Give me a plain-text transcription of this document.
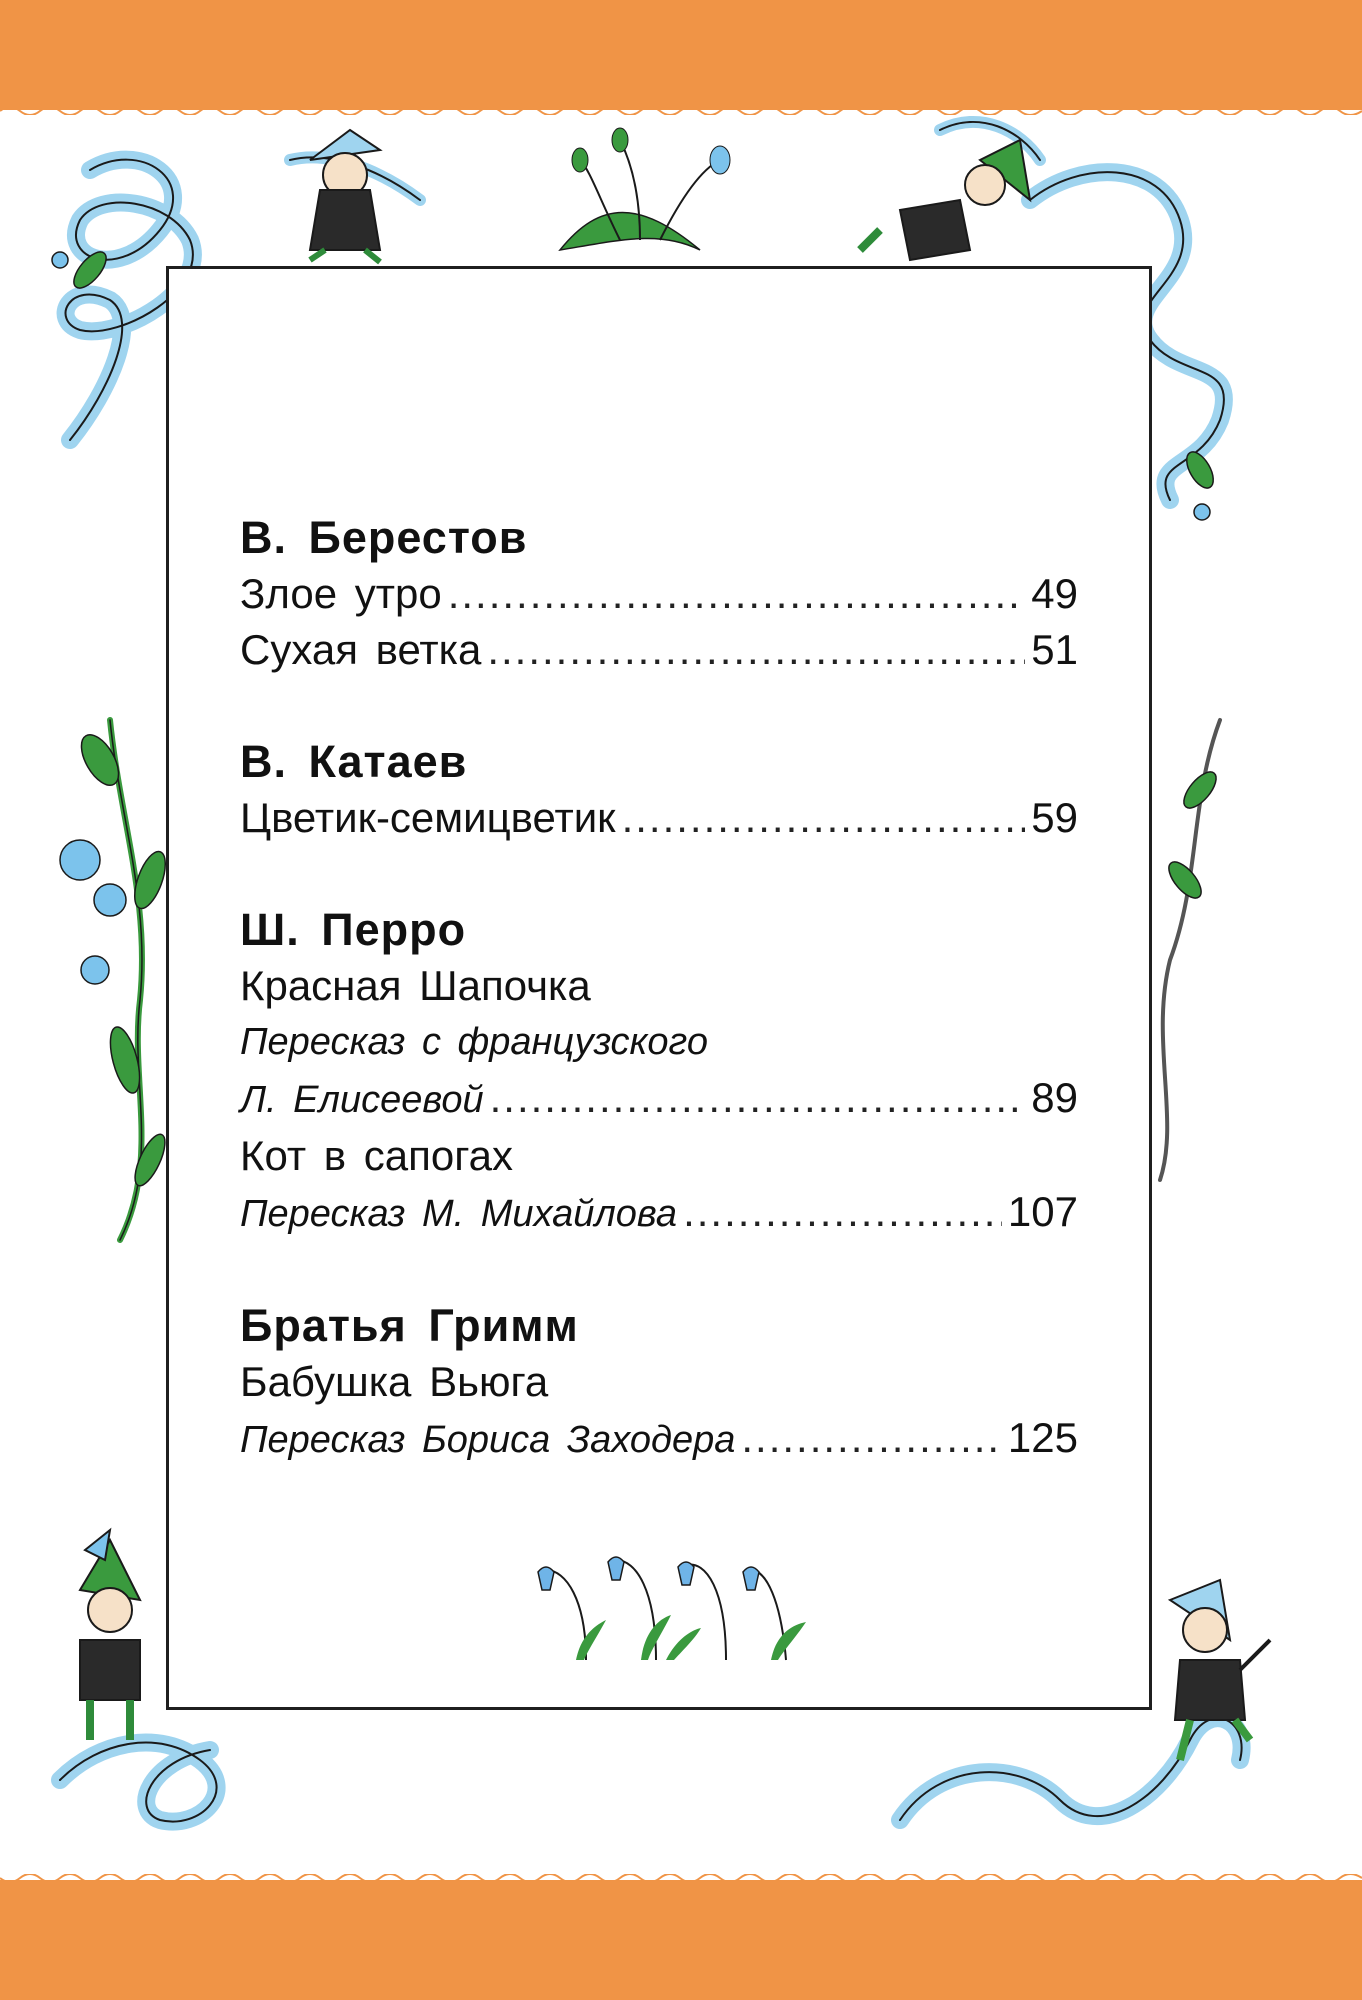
В. Берестов
Злое утро .....	49
Сухая ветка .....	51
В. Катаев
Цветик-семицветик .....	59
Ш. Перро
Красная Шапочка
Пересказ с французского
Л. Елисеевой .....	89
Кот в сапогах
Пересказ М. Михайлова .....	107
Братья Гримм
Бабушка Вьюга
Пересказ Бориса Заходера .....	125
